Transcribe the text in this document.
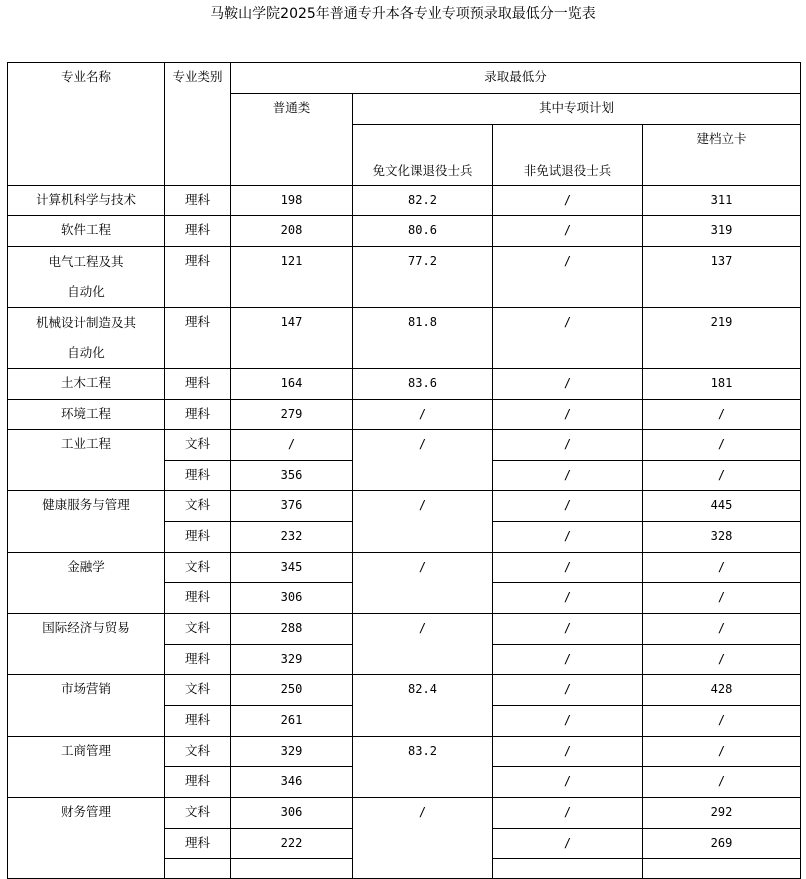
马鞍山学院2025年普通专升本各专业专项预录取最低分一览表
专业名称	专业类别	录取最低分			

		普通类	其中专项计划		

			免文化课退役士兵	非免试退役士兵	建档立卡

计算机科学与技术	理科	198	82.2	/	311

软件工程	理科	208	80.6	/	319

电气工程及其
自动化	理科	121	77.2	/	137

机械设计制造及其
自动化	理科	147	81.8	/	219

土木工程	理科	164	83.6	/	181

环境工程	理科	279	/	/	/

工业工程	文科	/	/	/	/

	理科	356		/	/

健康服务与管理	文科	376	/	/	445

	理科	232		/	328

金融学	文科	345	/	/	/

	理科	306		/	/

国际经济与贸易	文科	288	/	/	/

	理科	329		/	/

市场营销	文科	250	82.4	/	428

	理科	261		/	/

工商管理	文科	329	83.2	/	/

	理科	346		/	/

财务管理	文科	306	/	/	292

	理科	222		/	269
